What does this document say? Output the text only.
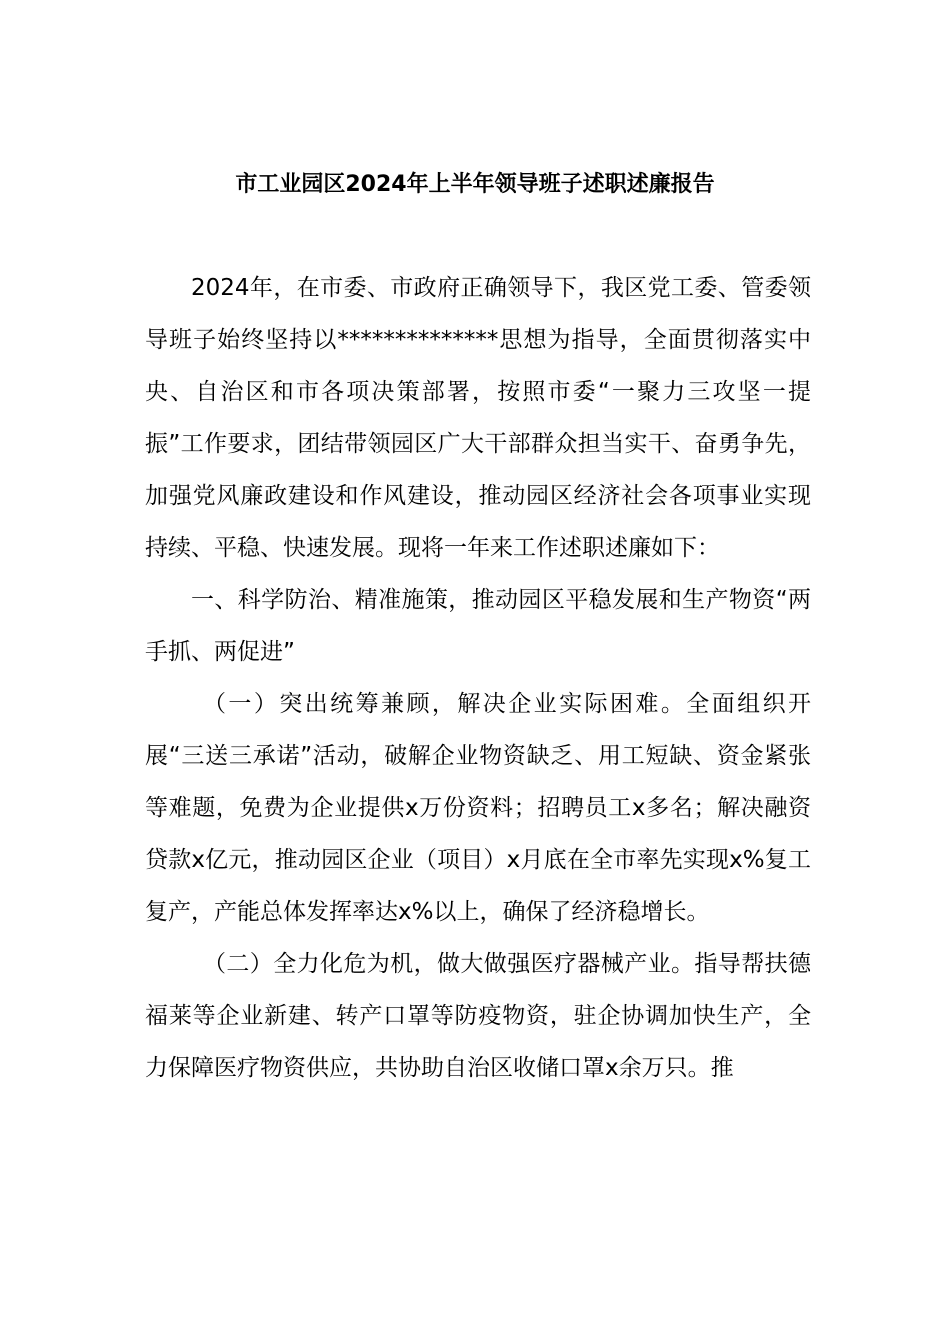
市工业园区2024年上半年领导班子述职述廉报告

2024年，在市委、市政府正确领导下，我区党工委、管委领导班子始终坚持以**************思想为指导，全面贯彻落实中央、自治区和市各项决策部署，按照市委“一聚力三攻坚一提振”工作要求，团结带领园区广大干部群众担当实干、奋勇争先，加强党风廉政建设和作风建设，推动园区经济社会各项事业实现持续、平稳、快速发展。现将一年来工作述职述廉如下：

一、科学防治、精准施策，推动园区平稳发展和生产物资“两手抓、两促进”

（一）突出统筹兼顾，解决企业实际困难。全面组织开展“三送三承诺”活动，破解企业物资缺乏、用工短缺、资金紧张等难题，免费为企业提供x万份资料；招聘员工x多名；解决融资贷款x亿元，推动园区企业（项目）x月底在全市率先实现x%复工复产，产能总体发挥率达x%以上，确保了经济稳增长。

（二）全力化危为机，做大做强医疗器械产业。指导帮扶德福莱等企业新建、转产口罩等防疫物资，驻企协调加快生产，全力保障医疗物资供应，共协助自治区收储口罩x余万只。推
